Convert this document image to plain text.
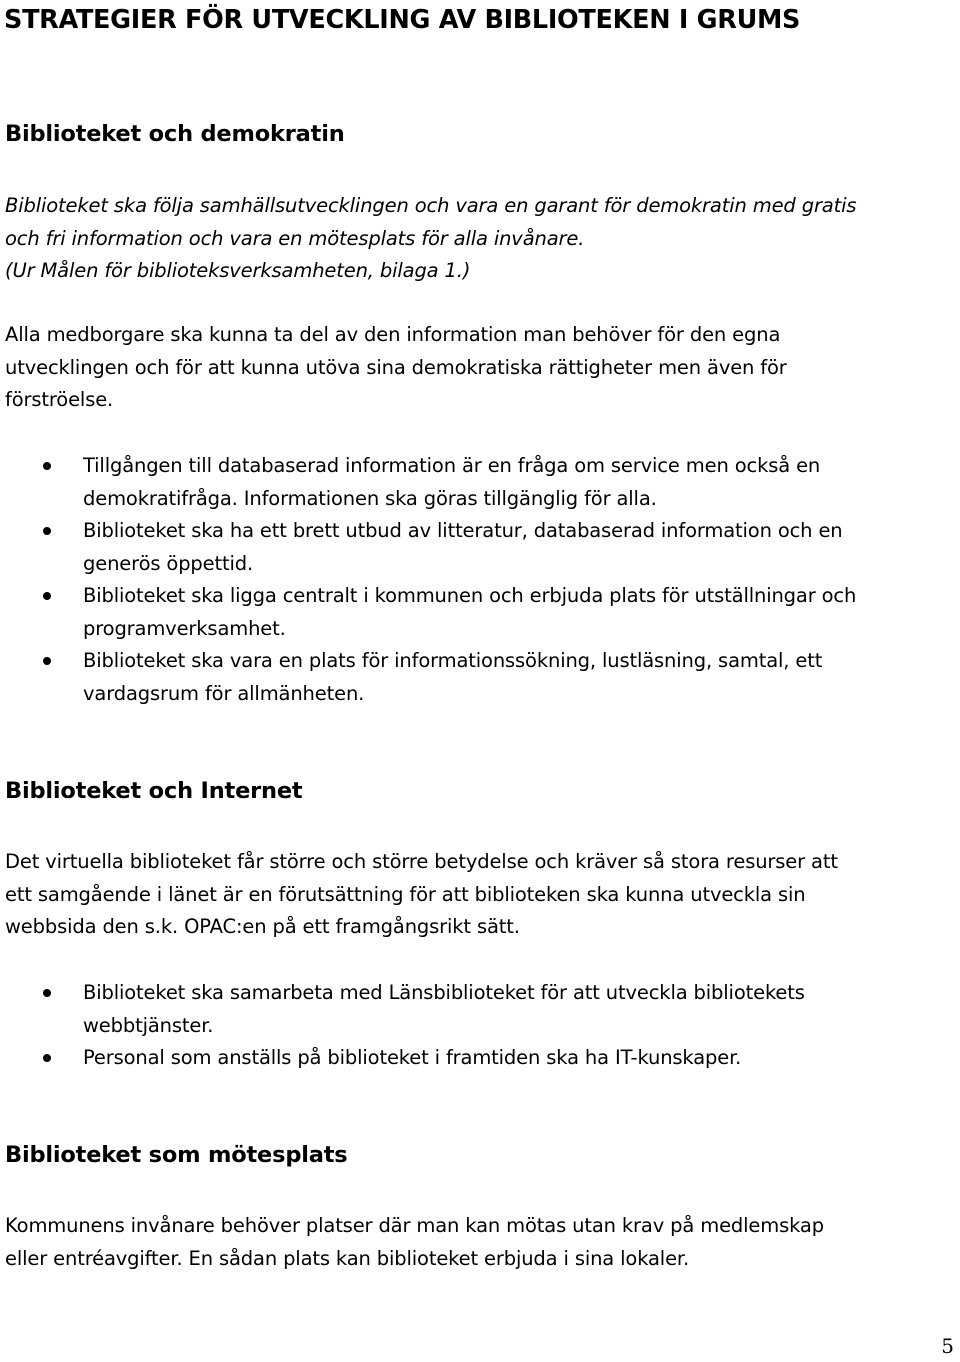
STRATEGIER FÖR UTVECKLING AV BIBLIOTEKEN I GRUMS
Biblioteket och demokratin
Biblioteket ska följa samhällsutvecklingen och vara en garant för demokratin med gratis
och fri information och vara en mötesplats för alla invånare.
(Ur Målen för biblioteksverksamheten, bilaga 1.)
Alla medborgare ska kunna ta del av den information man behöver för den egna
utvecklingen och för att kunna utöva sina demokratiska rättigheter men även för
förströelse.
Tillgången till databaserad information är en fråga om service men också en
demokratifråga. Informationen ska göras tillgänglig för alla.
Biblioteket ska ha ett brett utbud av litteratur, databaserad information och en
generös öppettid.
Biblioteket ska ligga centralt i kommunen och erbjuda plats för utställningar och
programverksamhet.
Biblioteket ska vara en plats för informationssökning, lustläsning, samtal, ett
vardagsrum för allmänheten.
Biblioteket och Internet
Det virtuella biblioteket får större och större betydelse och kräver så stora resurser att
ett samgående i länet är en förutsättning för att biblioteken ska kunna utveckla sin
webbsida den s.k. OPAC:en på ett framgångsrikt sätt.
Biblioteket ska samarbeta med Länsbiblioteket för att utveckla bibliotekets
webbtjänster.
Personal som anställs på biblioteket i framtiden ska ha IT-kunskaper.
Biblioteket som mötesplats
Kommunens invånare behöver platser där man kan mötas utan krav på medlemskap
eller entréavgifter. En sådan plats kan biblioteket erbjuda i sina lokaler.

5
